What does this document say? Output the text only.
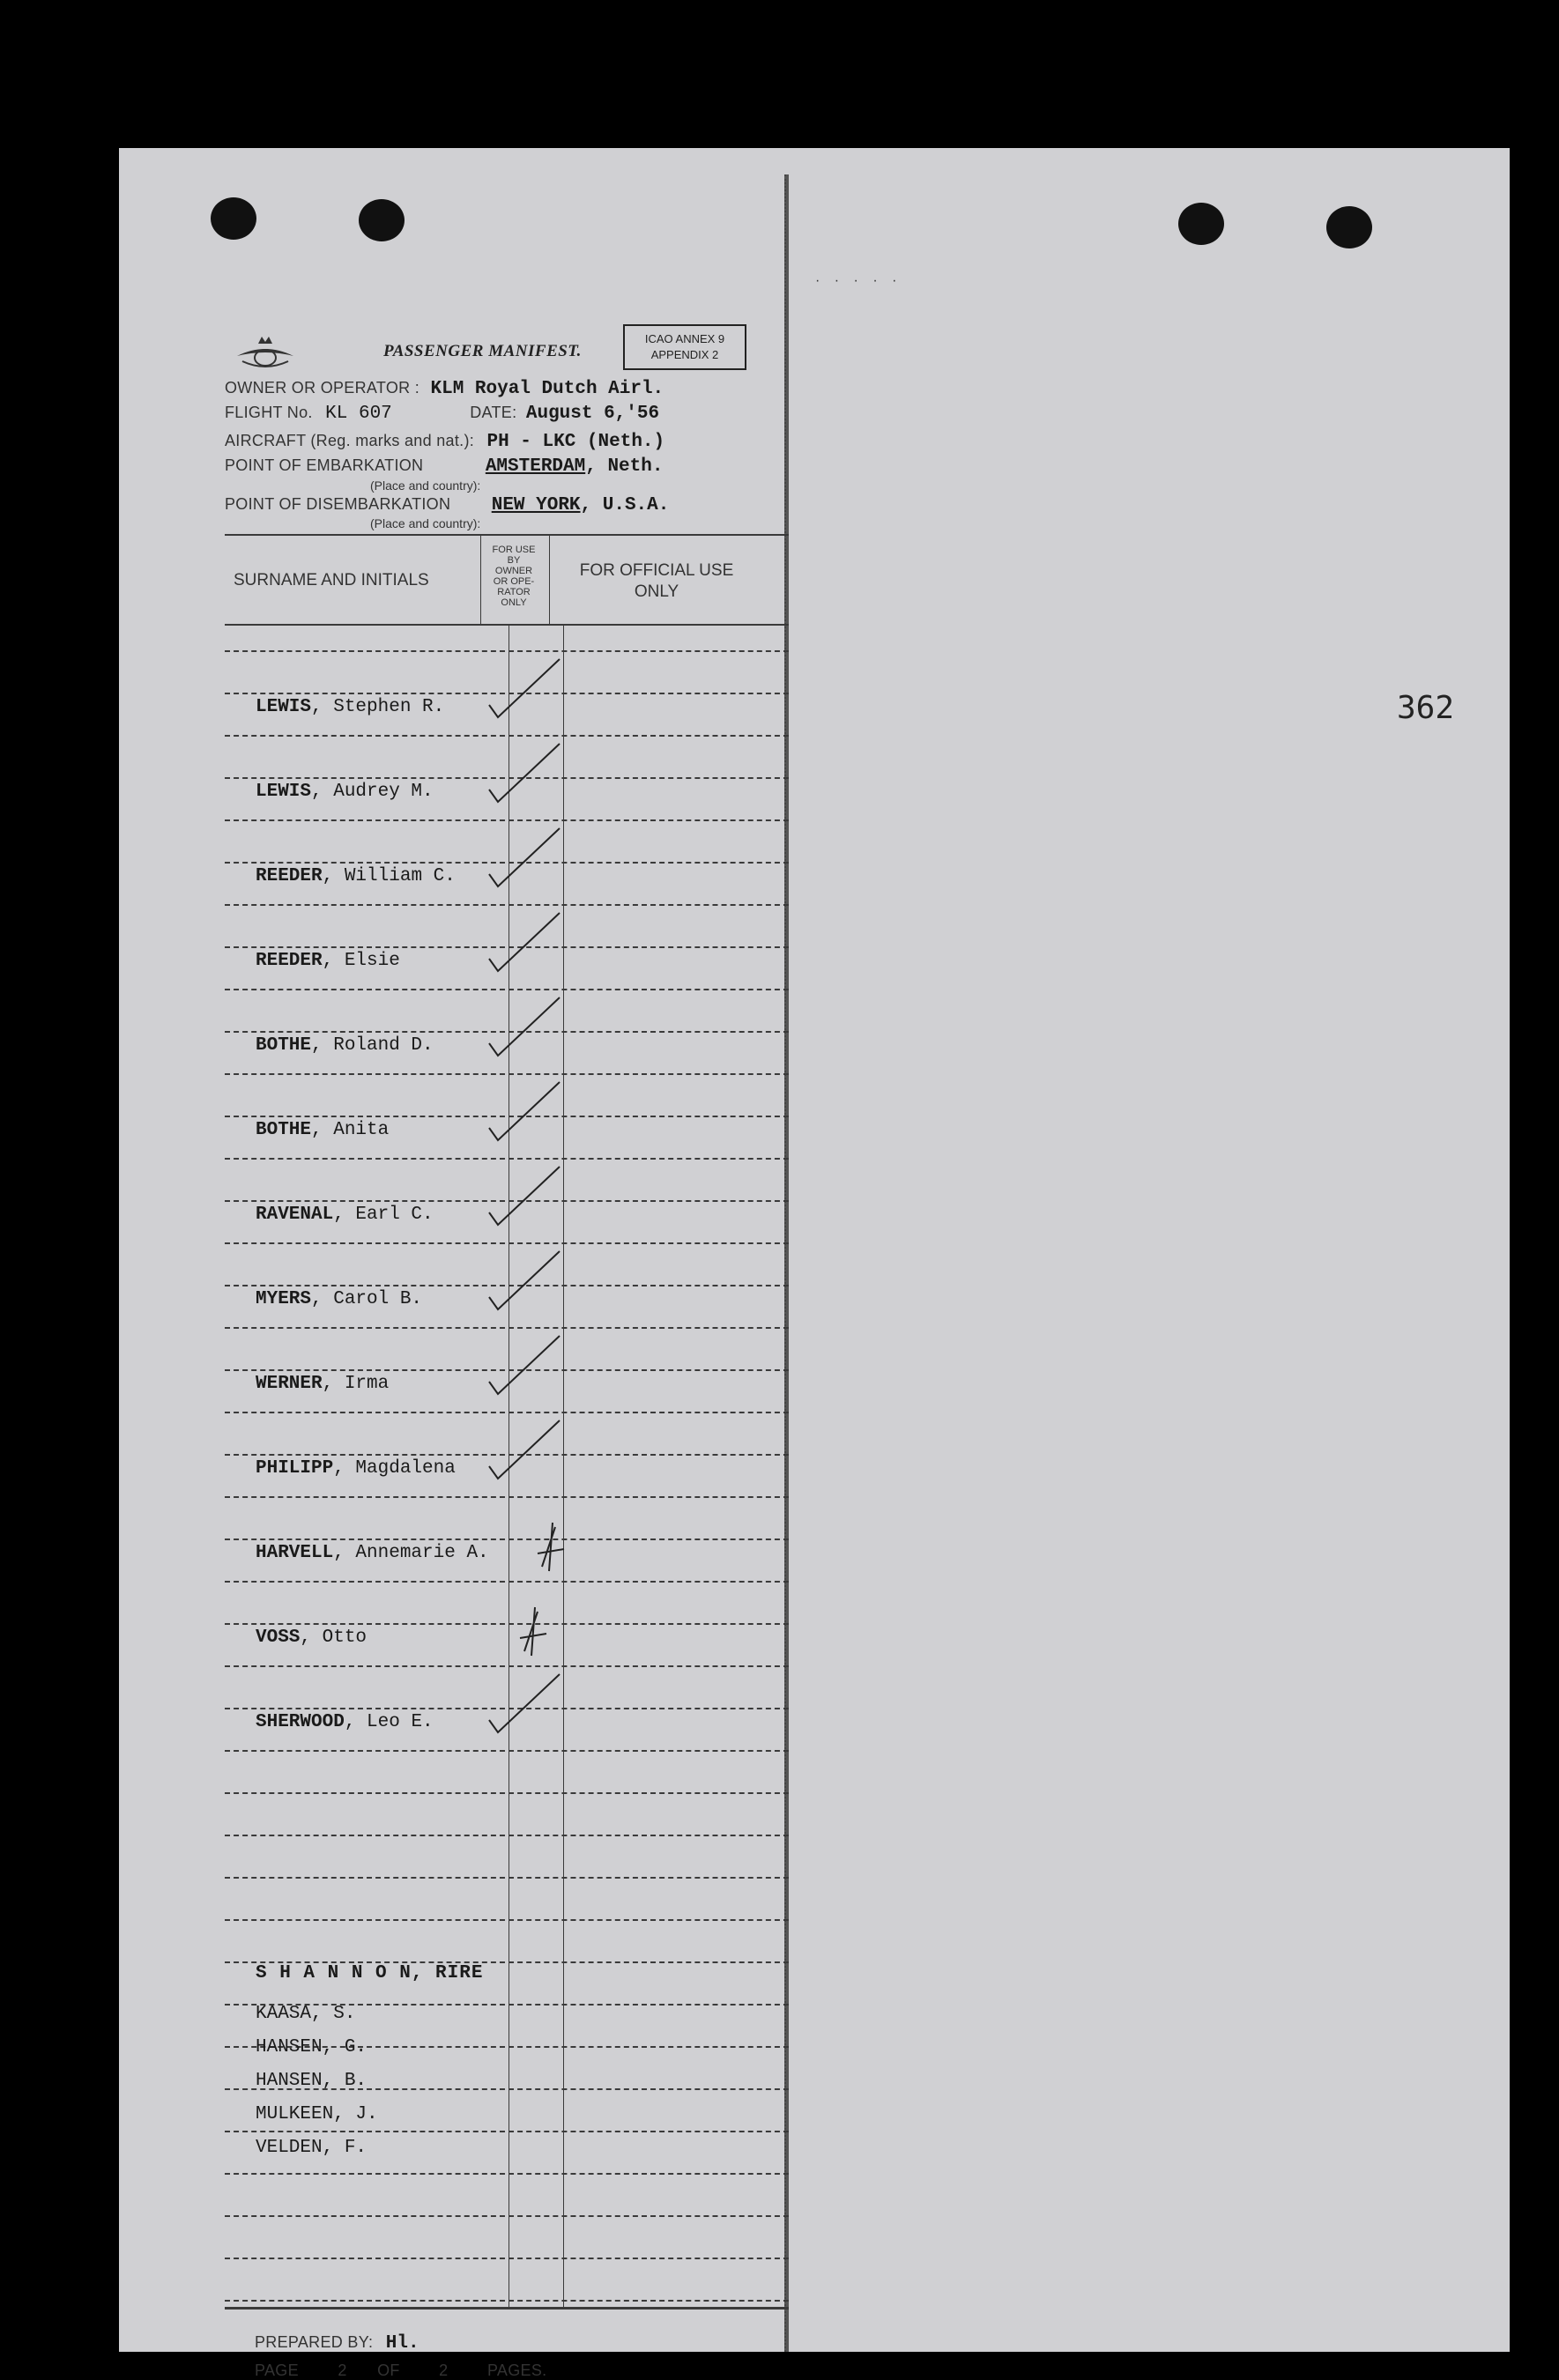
· · · · ·
362
PASSENGER MANIFEST.
ICAO ANNEX 9
APPENDIX 2
OWNER OR OPERATOR : KLM Royal Dutch Airl.
FLIGHT No. KL 607	DATE: August 6,'56
AIRCRAFT (Reg. marks and nat.): PH - LKC (Neth.)
POINT OF EMBARKATION	AMSTERDAM, Neth.
(Place and country):
POINT OF DISEMBARKATION NEW YORK, U.S.A.
(Place and country):
SURNAME AND INITIALS
FOR USE
BY
OWNER
OR OPE-
RATOR
ONLY
FOR OFFICIAL USE
ONLY
LEWIS, Stephen R.
LEWIS, Audrey M.
REEDER, William C.
REEDER, Elsie
BOTHE, Roland D.
BOTHE, Anita
RAVENAL, Earl C.
MYERS, Carol B.
WERNER, Irma
PHILIPP, Magdalena
HARVELL, Annemarie A.
VOSS, Otto
SHERWOOD, Leo E.
S H A N N O N, RIRE
KAASA, S.
HANSEN, G.
HANSEN, B.
MULKEEN, J.
VELDEN, F.
PREPARED BY: Hl.
PAGE 2 OF 2 PAGES.
